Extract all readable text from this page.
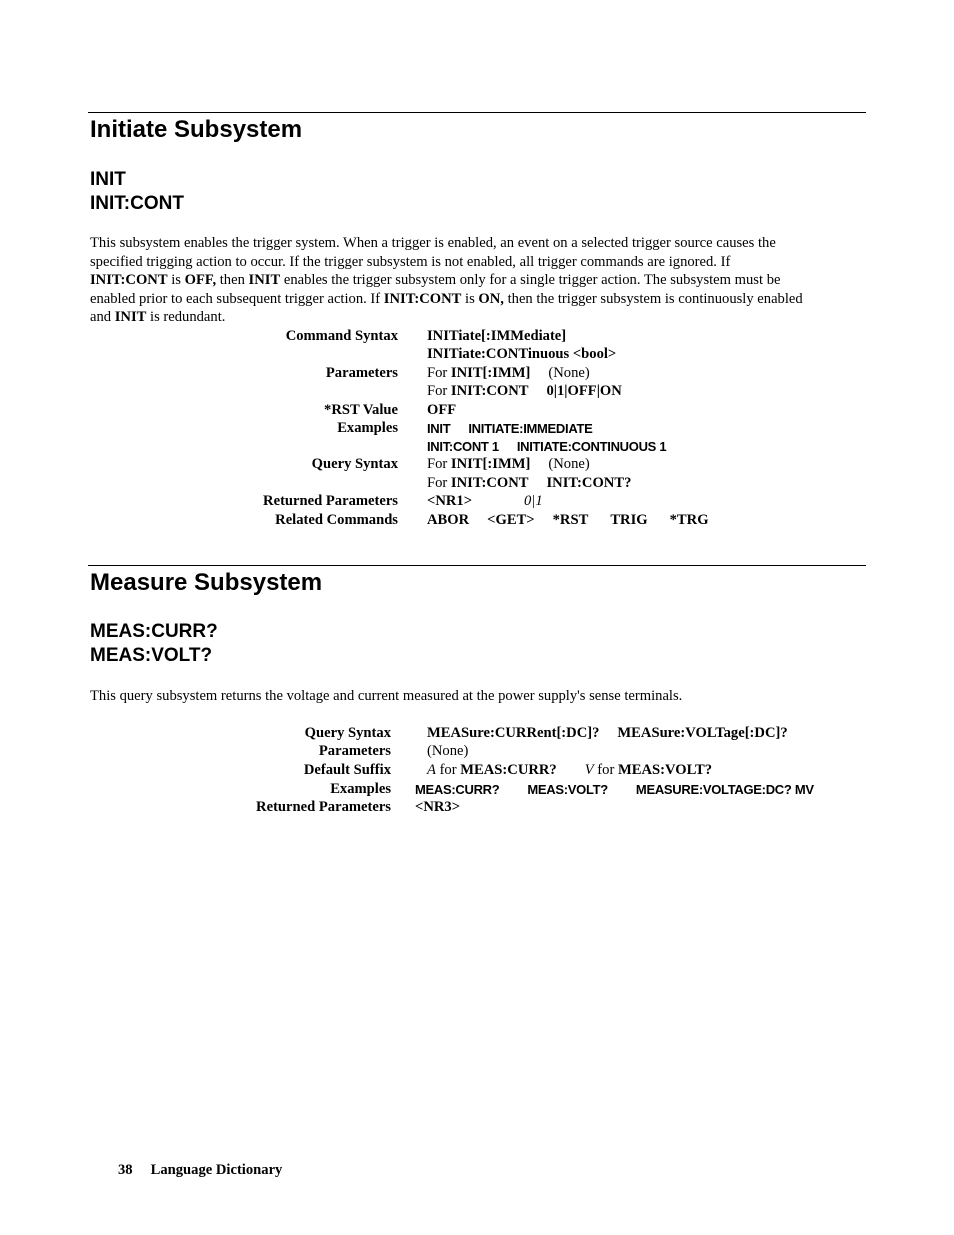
Initiate Subsystem
INIT
INIT:CONT
This subsystem enables the trigger system. When a trigger is enabled, an event on a selected trigger source causes the
specified trigging action to occur. If the trigger subsystem is not enabled, all trigger commands are ignored. If
INIT:CONT is OFF, then INIT enables the trigger subsystem only for a single trigger action. The subsystem must be
enabled prior to each subsequent trigger action. If INIT:CONT is ON, then the trigger subsystem is continuously enabled
and INIT is redundant.
Command Syntax
Parameters
*RST Value
Examples
Query Syntax
Returned Parameters
Related Commands
INITiate[:IMMediate]
INITiate:CONTinuous <bool>
For INIT[:IMM] (None)
For INIT:CONT 0|1|OFF|ON
OFF
INIT INITIATE:IMMEDIATE
INIT:CONT 1 INITIATE:CONTINUOUS 1
For INIT[:IMM] (None)
For INIT:CONT INIT:CONT?
<NR1>	0|1
ABOR <GET> *RST TRIG *TRG
Measure Subsystem
MEAS:CURR?
MEAS:VOLT?
This query subsystem returns the voltage and current measured at the power supply's sense terminals.
Query Syntax
Parameters
Default Suffix
Examples
Returned Parameters
MEASure:CURRent[:DC]? MEASure:VOLTage[:DC]?
(None)
A for MEAS:CURR? V for MEAS:VOLT?
MEAS:CURR? MEAS:VOLT? MEASURE:VOLTAGE:DC? MV
<NR3>
38 Language Dictionary
